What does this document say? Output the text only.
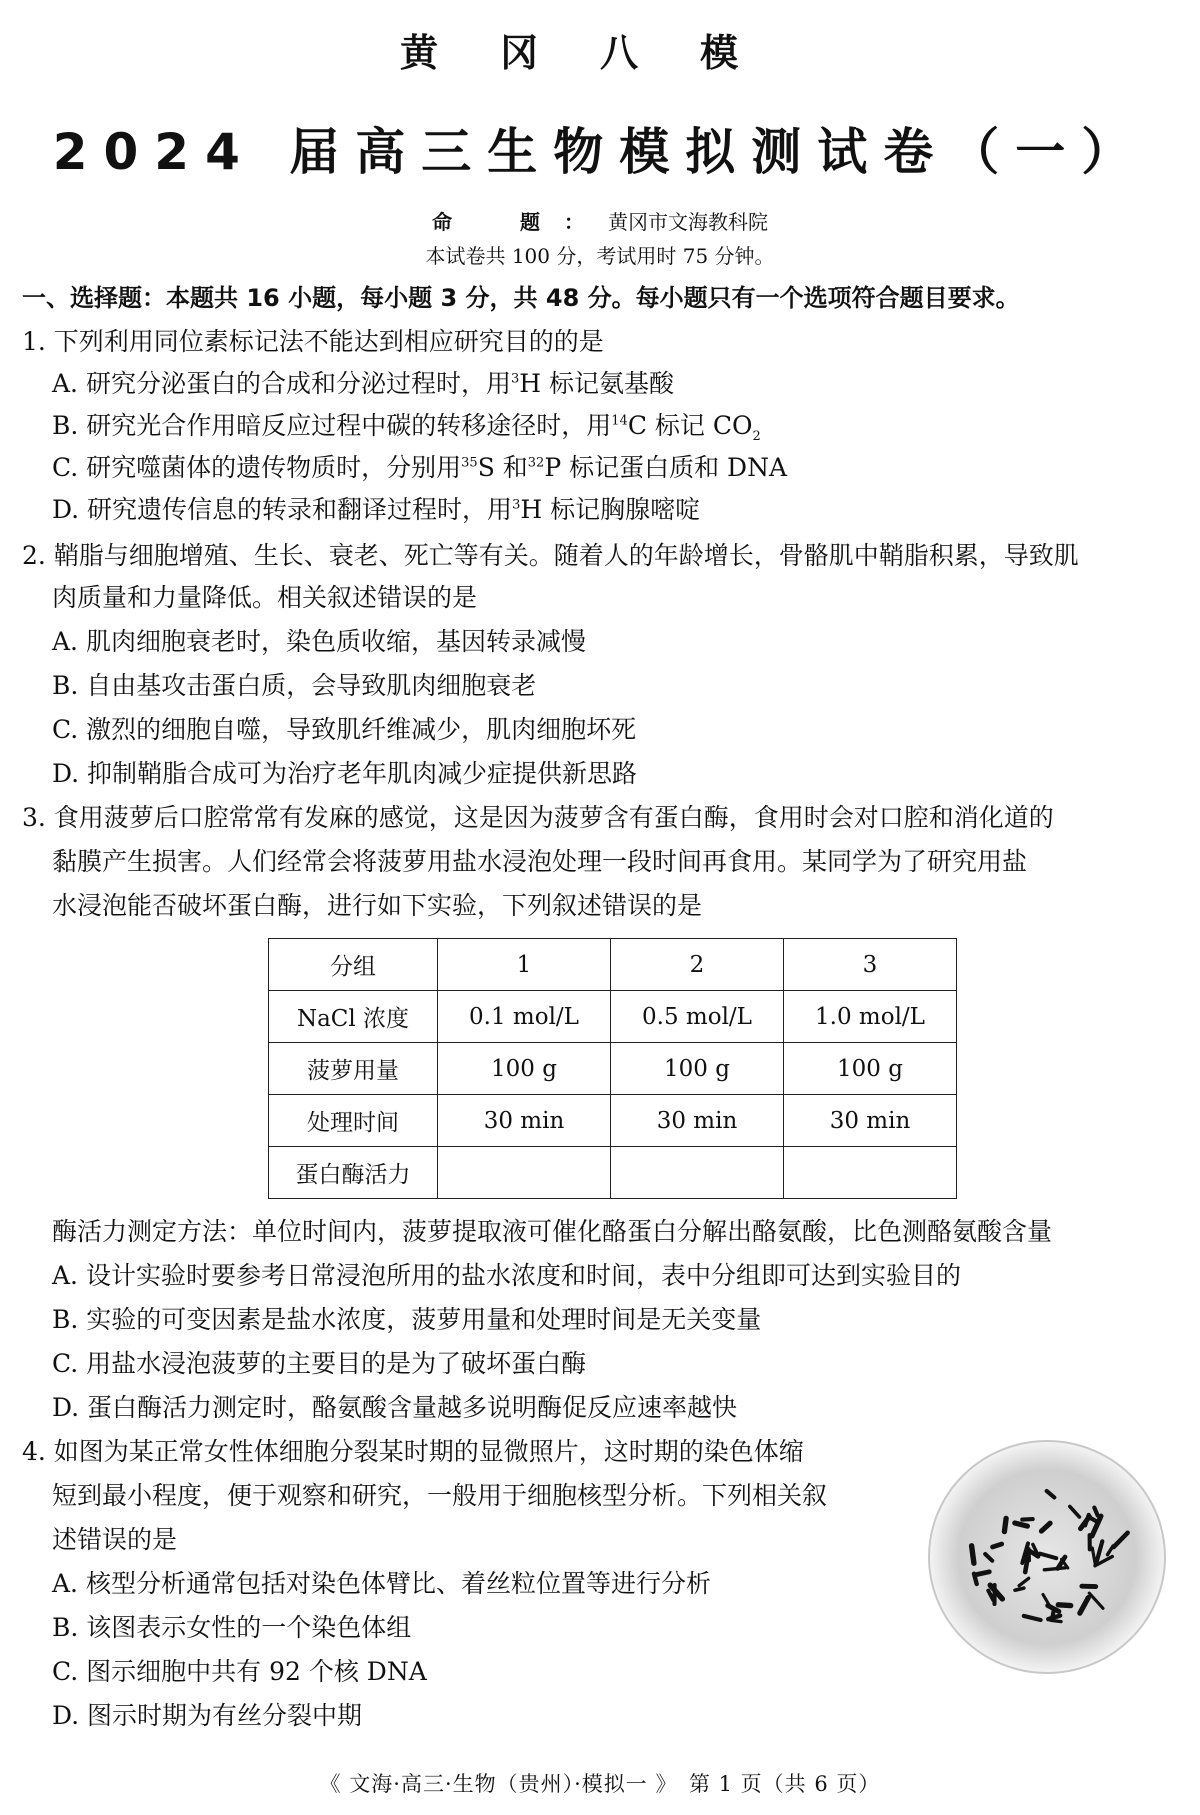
黄冈八模
2024 届高三生物模拟测试卷（一）
命　题：黄冈市文海教科院
本试卷共 100 分，考试用时 75 分钟。
一、选择题：本题共 16 小题，每小题 3 分，共 48 分。每小题只有一个选项符合题目要求。
1. 下列利用同位素标记法不能达到相应研究目的的是
A. 研究分泌蛋白的合成和分泌过程时，用$^3$H 标记氨基酸
B. 研究光合作用暗反应过程中碳的转移途径时，用$^{14}$C 标记 $CO_2$
C. 研究噬菌体的遗传物质时，分别用$^{35}$S 和$^{32}$P 标记蛋白质和 DNA
D. 研究遗传信息的转录和翻译过程时，用$^3$H 标记胸腺嘧啶
2. 鞘脂与细胞增殖、生长、衰老、死亡等有关。随着人的年龄增长，骨骼肌中鞘脂积累，导致肌
肉质量和力量降低。相关叙述错误的是
A. 肌肉细胞衰老时，染色质收缩，基因转录减慢
B. 自由基攻击蛋白质，会导致肌肉细胞衰老
C. 激烈的细胞自噬，导致肌纤维减少，肌肉细胞坏死
D. 抑制鞘脂合成可为治疗老年肌肉减少症提供新思路
3. 食用菠萝后口腔常常有发麻的感觉，这是因为菠萝含有蛋白酶，食用时会对口腔和消化道的
黏膜产生损害。人们经常会将菠萝用盐水浸泡处理一段时间再食用。某同学为了研究用盐
水浸泡能否破坏蛋白酶，进行如下实验，下列叙述错误的是
分组	1	2	3
NaCl 浓度	0.1 mol/L	0.5 mol/L	1.0 mol/L
菠萝用量	100 g	100 g	100 g
处理时间	30 min	30 min	30 min
蛋白酶活力			
酶活力测定方法：单位时间内，菠萝提取液可催化酪蛋白分解出酪氨酸，比色测酪氨酸含量
A. 设计实验时要参考日常浸泡所用的盐水浓度和时间，表中分组即可达到实验目的
B. 实验的可变因素是盐水浓度，菠萝用量和处理时间是无关变量
C. 用盐水浸泡菠萝的主要目的是为了破坏蛋白酶
D. 蛋白酶活力测定时，酪氨酸含量越多说明酶促反应速率越快
4. 如图为某正常女性体细胞分裂某时期的显微照片，这时期的染色体缩
短到最小程度，便于观察和研究，一般用于细胞核型分析。下列相关叙
述错误的是
A. 核型分析通常包括对染色体臂比、着丝粒位置等进行分析
B. 该图表示女性的一个染色体组
C. 图示细胞中共有 92 个核 DNA
D. 图示时期为有丝分裂中期
《 文海·高三·生物（贵州）·模拟一 》　第 1 页（共 6 页）
